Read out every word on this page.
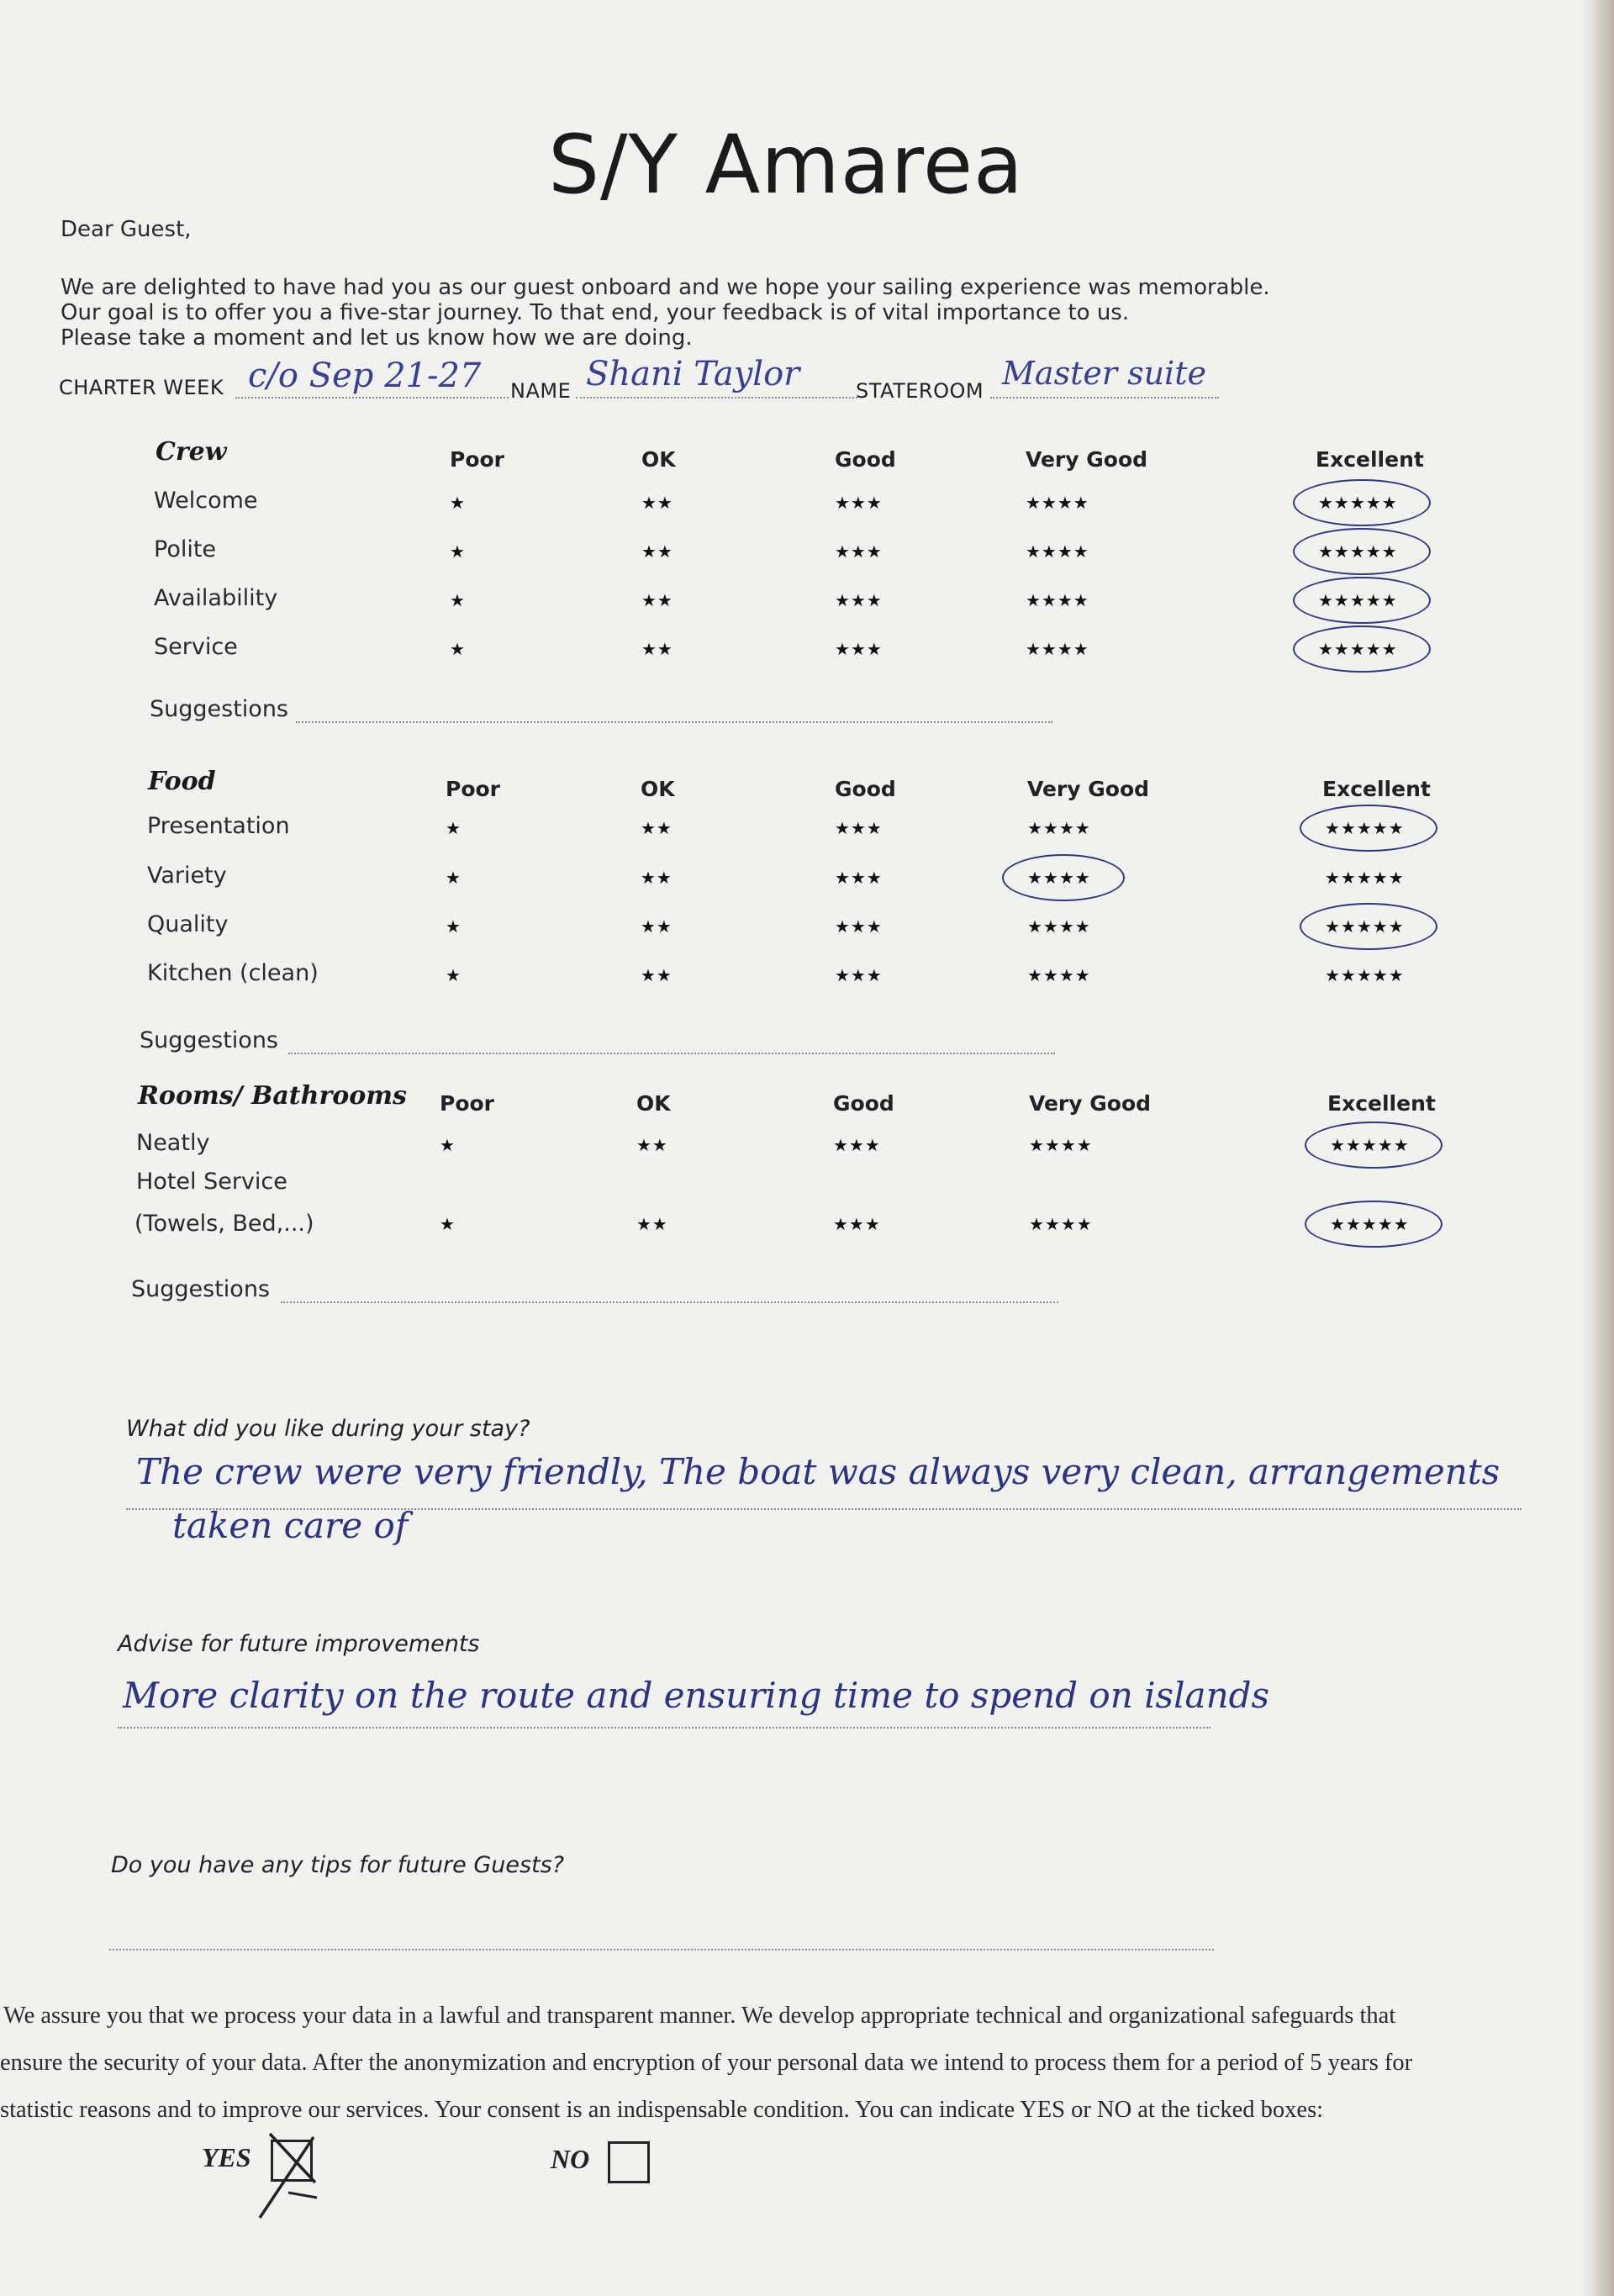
S/Y Amarea
Dear Guest,
We are delighted to have had you as our guest onboard and we hope your sailing experience was memorable.
Our goal is to offer you a five-star journey. To that end, your feedback is of vital importance to us.
Please take a moment and let us know how we are doing.
CHARTER WEEK c/o Sep 21-27 NAME Shani Taylor	STATEROOM Master suite
Crew	Poor	OK	Good	Very Good	Excellent
Welcome	★	★★	★★★	★★★★	★★★★★
Polite	★	★★	★★★	★★★★	★★★★★
Availability	★	★★	★★★	★★★★	★★★★★
Service	★	★★	★★★	★★★★	★★★★★
Suggestions
Food	Poor	OK	Good	Very Good	Excellent
Presentation	★	★★	★★★	★★★★	★★★★★
Variety	★	★★	★★★	★★★★	★★★★★
Quality	★	★★	★★★	★★★★	★★★★★
Kitchen (clean)	★	★★	★★★	★★★★	★★★★★
Suggestions
Rooms/ Bathrooms Poor	OK	Good	Very Good	Excellent
Neatly	★	★★	★★★	★★★★	★★★★★
Hotel Service
(Towels, Bed,...)	★	★★	★★★	★★★★	★★★★★
Suggestions
What did you like during your stay?
The crew were very friendly, The boat was always very clean, arrangements
taken care of
Advise for future improvements
More clarity on the route and ensuring time to spend on islands
Do you have any tips for future Guests?
We assure you that we process your data in a lawful and transparent manner. We develop appropriate technical and organizational safeguards that
ensure the security of your data. After the anonymization and encryption of your personal data we intend to process them for a period of 5 years for
statistic reasons and to improve our services. Your consent is an indispensable condition. You can indicate YES or NO at the ticked boxes:
YES	NO
